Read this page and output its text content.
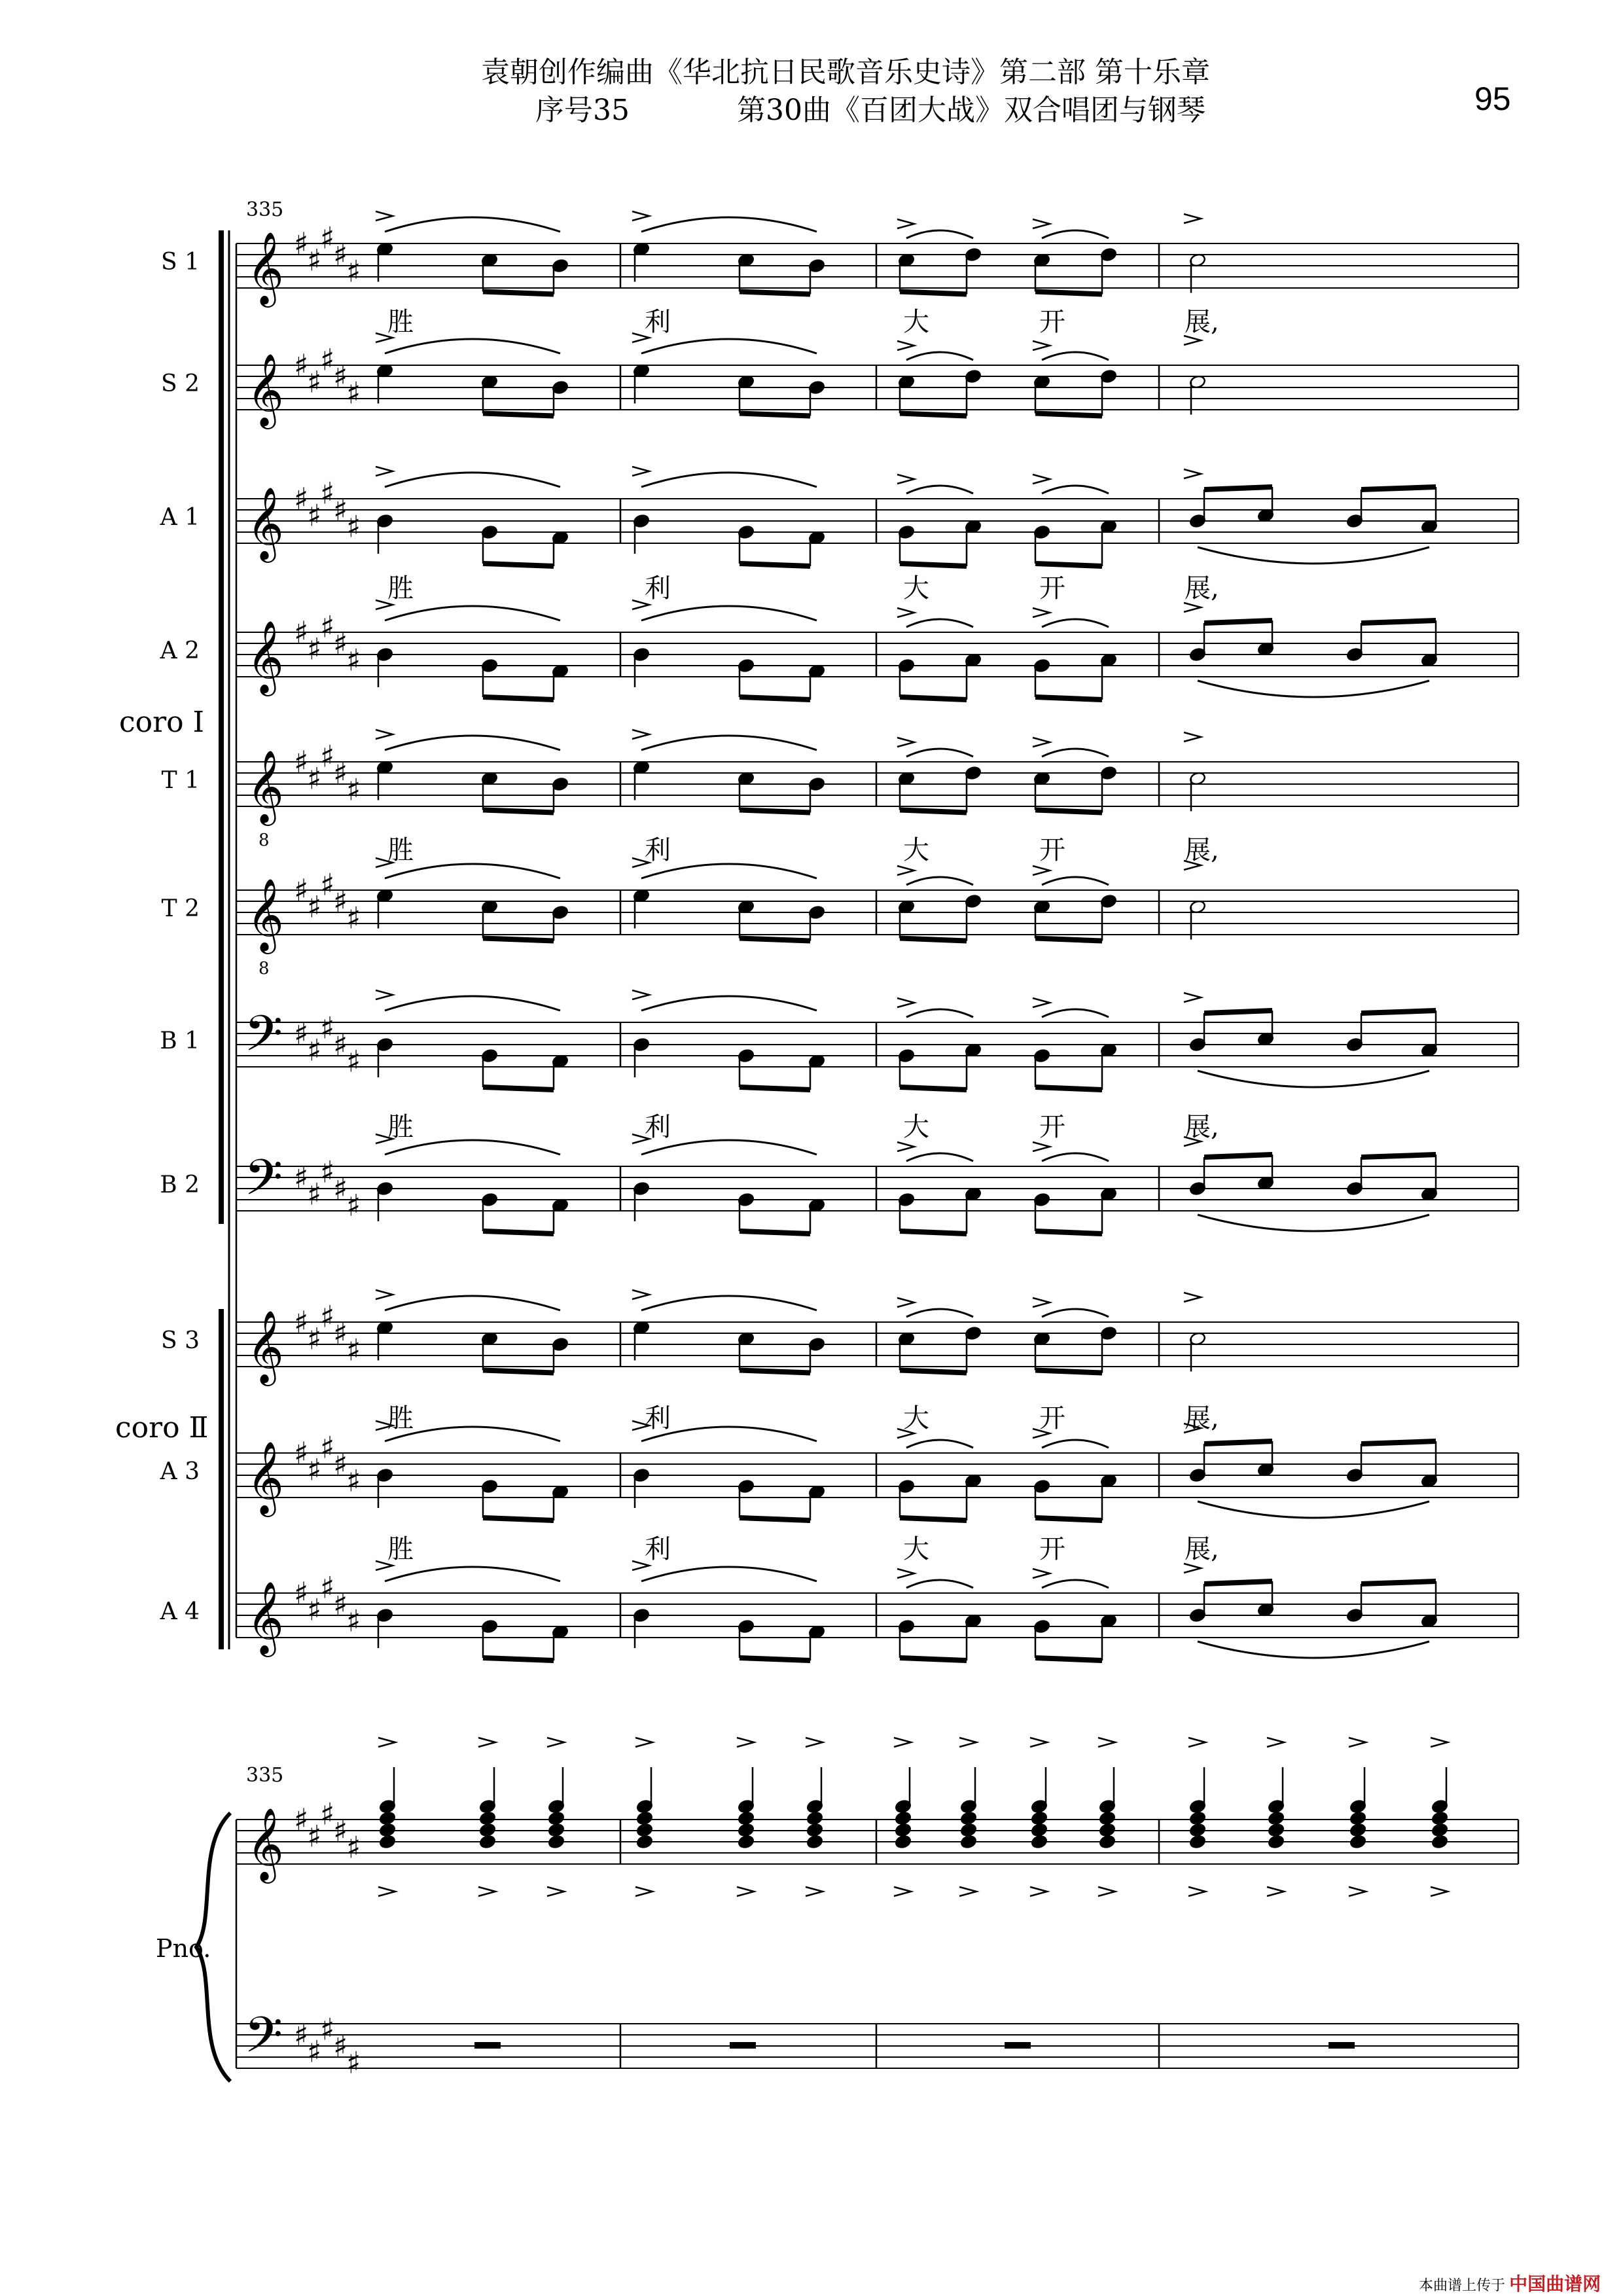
袁朝创作编曲《华北抗日民歌音乐史诗》第二部 第十乐章
序号35	第30曲《百团大战》双合唱团与钢琴	95
𝄞 ♯
♯
♯
♯
♯
S 1
𝄞 ♯
♯
♯
♯
♯
S 2
𝄞 ♯
♯
♯
♯
♯
A 1
𝄞 ♯
♯
♯
♯
♯
A 2
𝄞
8
♯
♯
♯
♯
♯
T 1
𝄞
8
♯
♯
♯
♯
♯
T 2
𝄢 ♯
♯
♯
♯
♯
B 1
𝄢 ♯
♯
♯
♯
♯
B 2
𝄞 ♯
♯
♯
♯
♯
S 3
𝄞 ♯
♯
♯
♯
♯
A 3
𝄞 ♯
♯
♯
♯
♯
A 4
胜	利	大	开	展,
胜	利	大	开	展,
胜	利	大	开	展,
胜	利	大	开	展,
胜	利	大	开	展,
胜	利	大	开	展,
coro Ⅰ
coro Ⅱ
335
335
𝄞 ♯
♯
♯
♯
♯
𝄢 ♯
♯
♯
♯
♯
Pno.
本曲谱上传于 中国曲谱网
